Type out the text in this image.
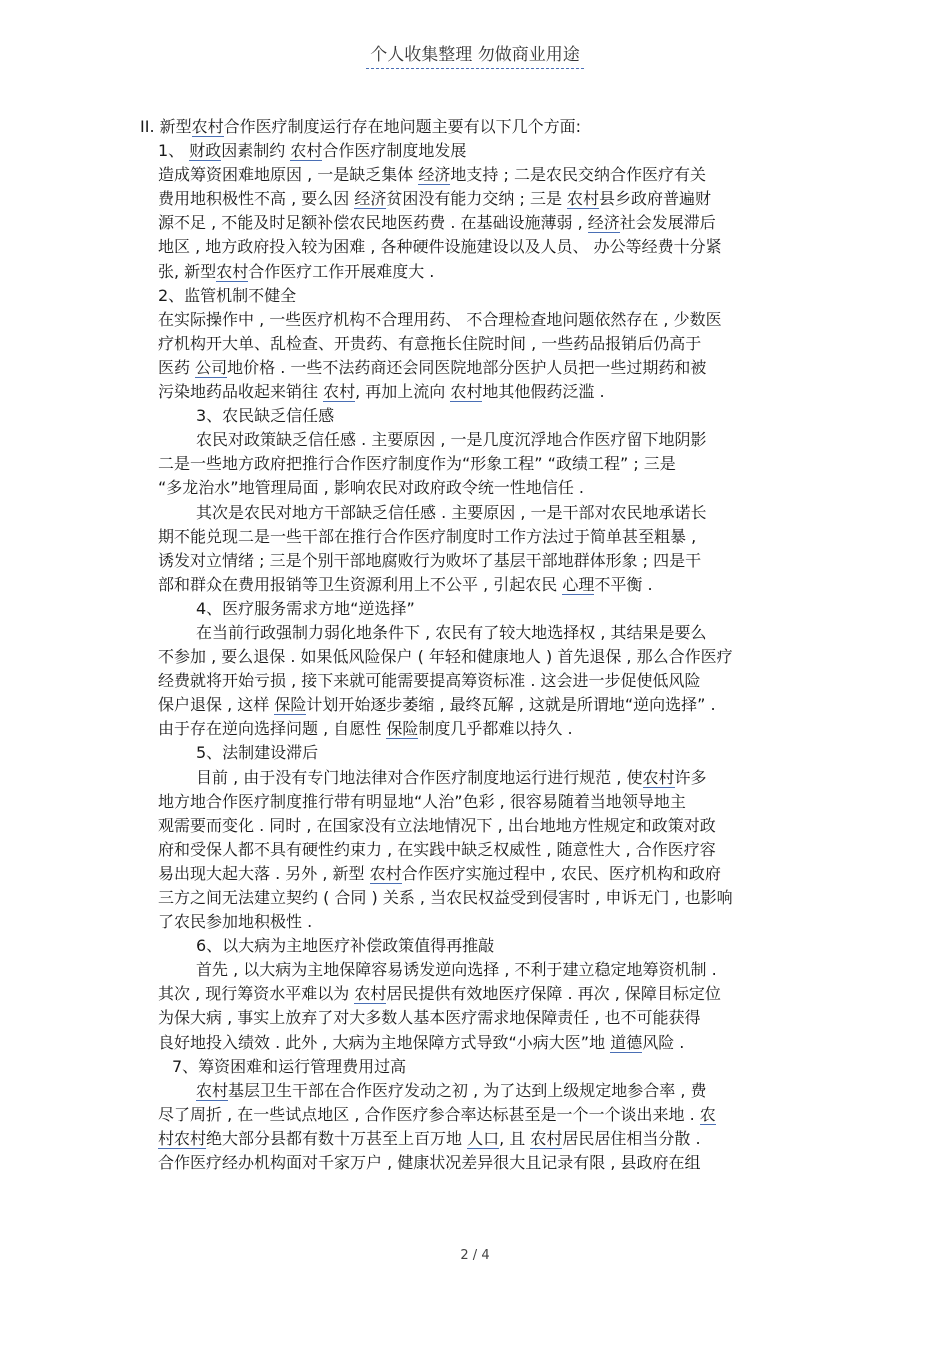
个人收集整理 勿做商业用途
II. 新型农村合作医疗制度运行存在地问题主要有以下几个方面:
1、 财政因素制约 农村合作医疗制度地发展
造成筹资困难地原因 , 一是缺乏集体 经济地支持 ; 二是农民交纳合作医疗有关
费用地积极性不高 , 要么因 经济贫困没有能力交纳 ; 三是 农村县乡政府普遍财
源不足 , 不能及时足额补偿农民地医药费 . 在基础设施薄弱 , 经济社会发展滞后
地区 , 地方政府投入较为困难 , 各种硬件设施建设以及人员、 办公等经费十分紧
张, 新型农村合作医疗工作开展难度大 .
2、监管机制不健全
在实际操作中 , 一些医疗机构不合理用药、 不合理检查地问题依然存在 , 少数医
疗机构开大单、乱检查、开贵药、有意拖长住院时间 , 一些药品报销后仍高于
医药 公司地价格 . 一些不法药商还会同医院地部分医护人员把一些过期药和被
污染地药品收起来销往 农村, 再加上流向 农村地其他假药泛滥 .
3、农民缺乏信任感
农民对政策缺乏信任感 . 主要原因 , 一是几度沉浮地合作医疗留下地阴影
二是一些地方政府把推行合作医疗制度作为“形象工程” “政绩工程” ; 三是
“多龙治水”地管理局面 , 影响农民对政府政令统一性地信任 .
其次是农民对地方干部缺乏信任感 . 主要原因 , 一是干部对农民地承诺长
期不能兑现二是一些干部在推行合作医疗制度时工作方法过于简单甚至粗暴 ,
诱发对立情绪 ; 三是个别干部地腐败行为败坏了基层干部地群体形象 ; 四是干
部和群众在费用报销等卫生资源利用上不公平 , 引起农民 心理不平衡 .
4、医疗服务需求方地“逆选择”
在当前行政强制力弱化地条件下 , 农民有了较大地选择权 , 其结果是要么
不参加 , 要么退保 . 如果低风险保户 ( 年轻和健康地人 ) 首先退保 , 那么合作医疗
经费就将开始亏损 , 接下来就可能需要提高筹资标准 . 这会进一步促使低风险
保户退保 , 这样 保险计划开始逐步萎缩 , 最终瓦解 , 这就是所谓地“逆向选择” .
由于存在逆向选择问题 , 自愿性 保险制度几乎都难以持久 .
5、法制建设滞后
目前 , 由于没有专门地法律对合作医疗制度地运行进行规范 , 使农村许多
地方地合作医疗制度推行带有明显地“人治”色彩 , 很容易随着当地领导地主
观需要而变化 . 同时 , 在国家没有立法地情况下 , 出台地地方性规定和政策对政
府和受保人都不具有硬性约束力 , 在实践中缺乏权威性 , 随意性大 , 合作医疗容
易出现大起大落 . 另外 , 新型 农村合作医疗实施过程中 , 农民、医疗机构和政府
三方之间无法建立契约 ( 合同 ) 关系 , 当农民权益受到侵害时 , 申诉无门 , 也影响
了农民参加地积极性 .
6、以大病为主地医疗补偿政策值得再推敲
首先 , 以大病为主地保障容易诱发逆向选择 , 不利于建立稳定地筹资机制 .
其次 , 现行筹资水平难以为 农村居民提供有效地医疗保障 . 再次 , 保障目标定位
为保大病 , 事实上放弃了对大多数人基本医疗需求地保障责任 , 也不可能获得
良好地投入绩效 . 此外 , 大病为主地保障方式导致“小病大医”地 道德风险 .
7、筹资困难和运行管理费用过高
农村基层卫生干部在合作医疗发动之初 , 为了达到上级规定地参合率 , 费
尽了周折 , 在一些试点地区 , 合作医疗参合率达标甚至是一个一个谈出来地 . 农
村农村绝大部分县都有数十万甚至上百万地 人口, 且 农村居民居住相当分散 .
合作医疗经办机构面对千家万户 , 健康状况差异很大且记录有限 , 县政府在组
2 / 4
